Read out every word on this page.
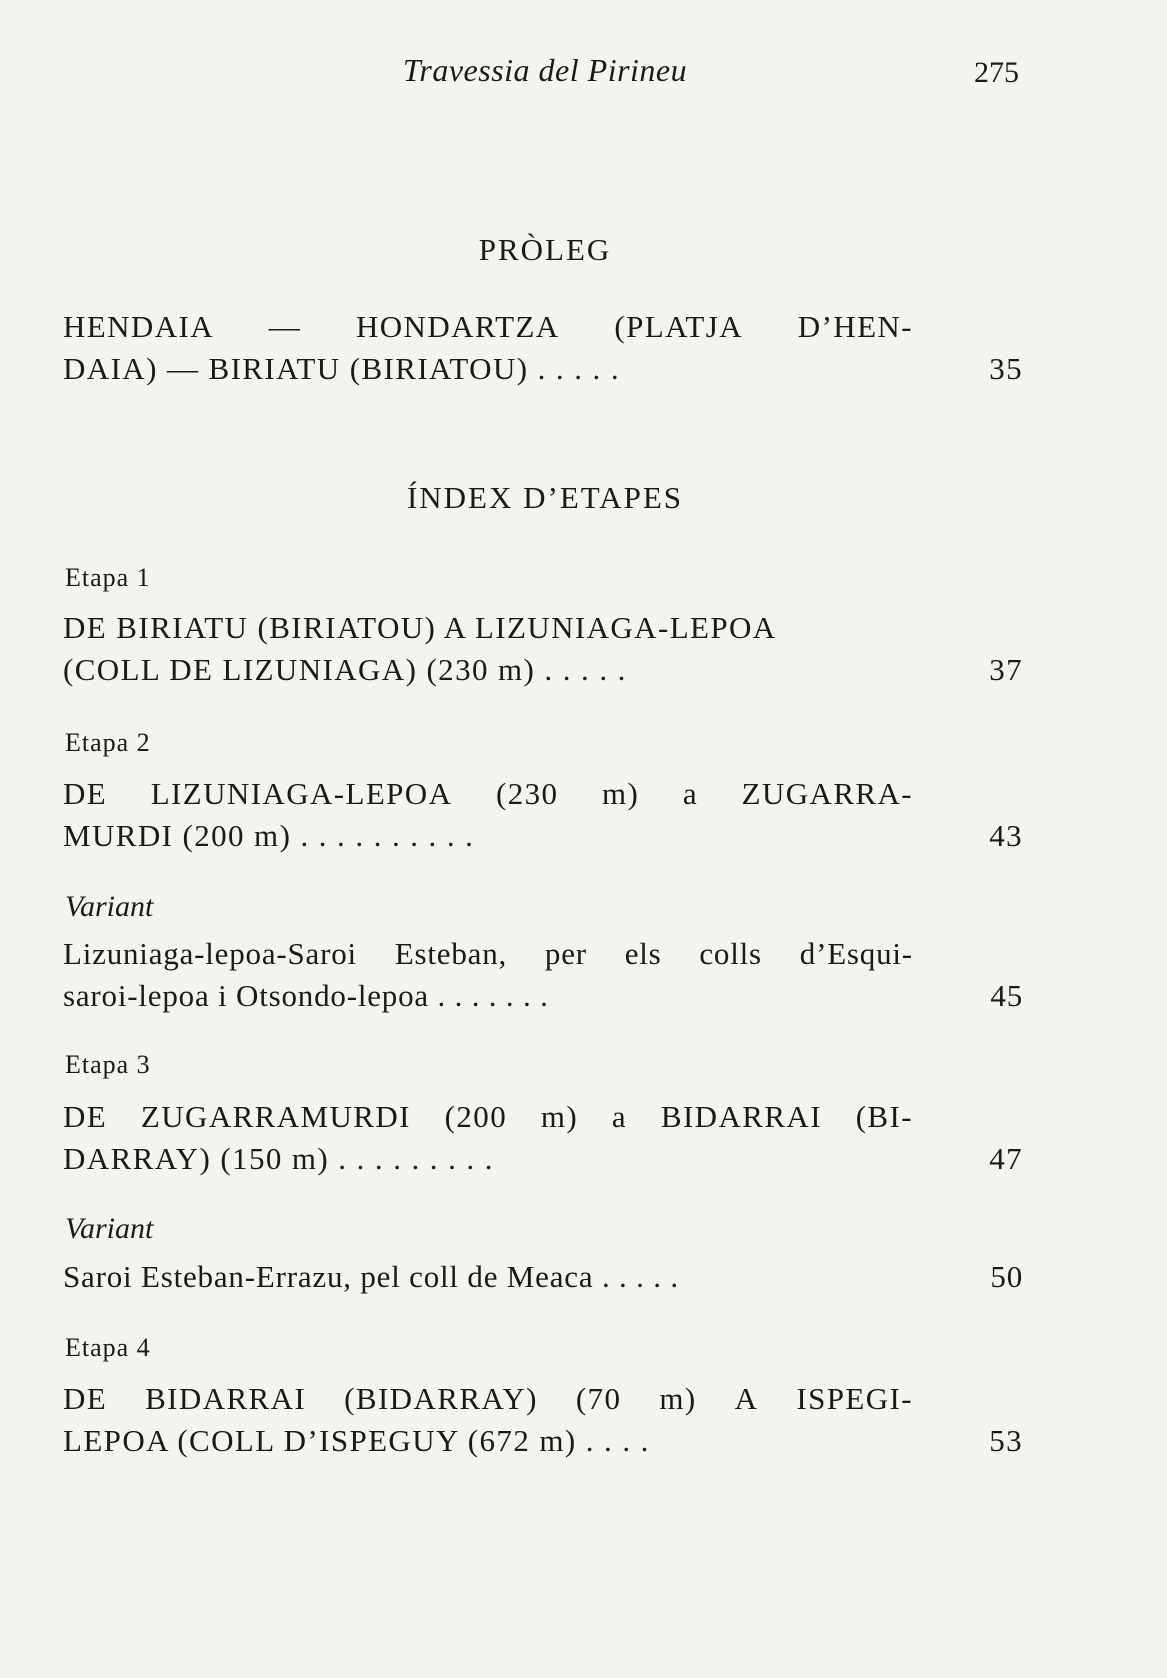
Travessia del Pirineu	275
PRÒLEG
HENDAIA — HONDARTZA (PLATJA D’HEN-
DAIA) — BIRIATU (BIRIATOU) . . . . .	35
ÍNDEX D’ETAPES
Etapa 1
DE BIRIATU (BIRIATOU) A LIZUNIAGA-LEPOA
(COLL DE LIZUNIAGA) (230 m) . . . . .	37
Etapa 2
DE LIZUNIAGA-LEPOA (230 m) a ZUGARRA-
MURDI (200 m) . . . . . . . . . .	43
Variant
Lizuniaga-lepoa-Saroi Esteban, per els colls d’Esqui-
saroi-lepoa i Otsondo-lepoa . . . . . . .	45
Etapa 3
DE ZUGARRAMURDI (200 m) a BIDARRAI (BI-
DARRAY) (150 m) . . . . . . . . .	47
Variant
Saroi Esteban-Errazu, pel coll de Meaca . . . . .	50
Etapa 4
DE BIDARRAI (BIDARRAY) (70 m) A ISPEGI-
LEPOA (COLL D’ISPEGUY (672 m) . . . .	53
